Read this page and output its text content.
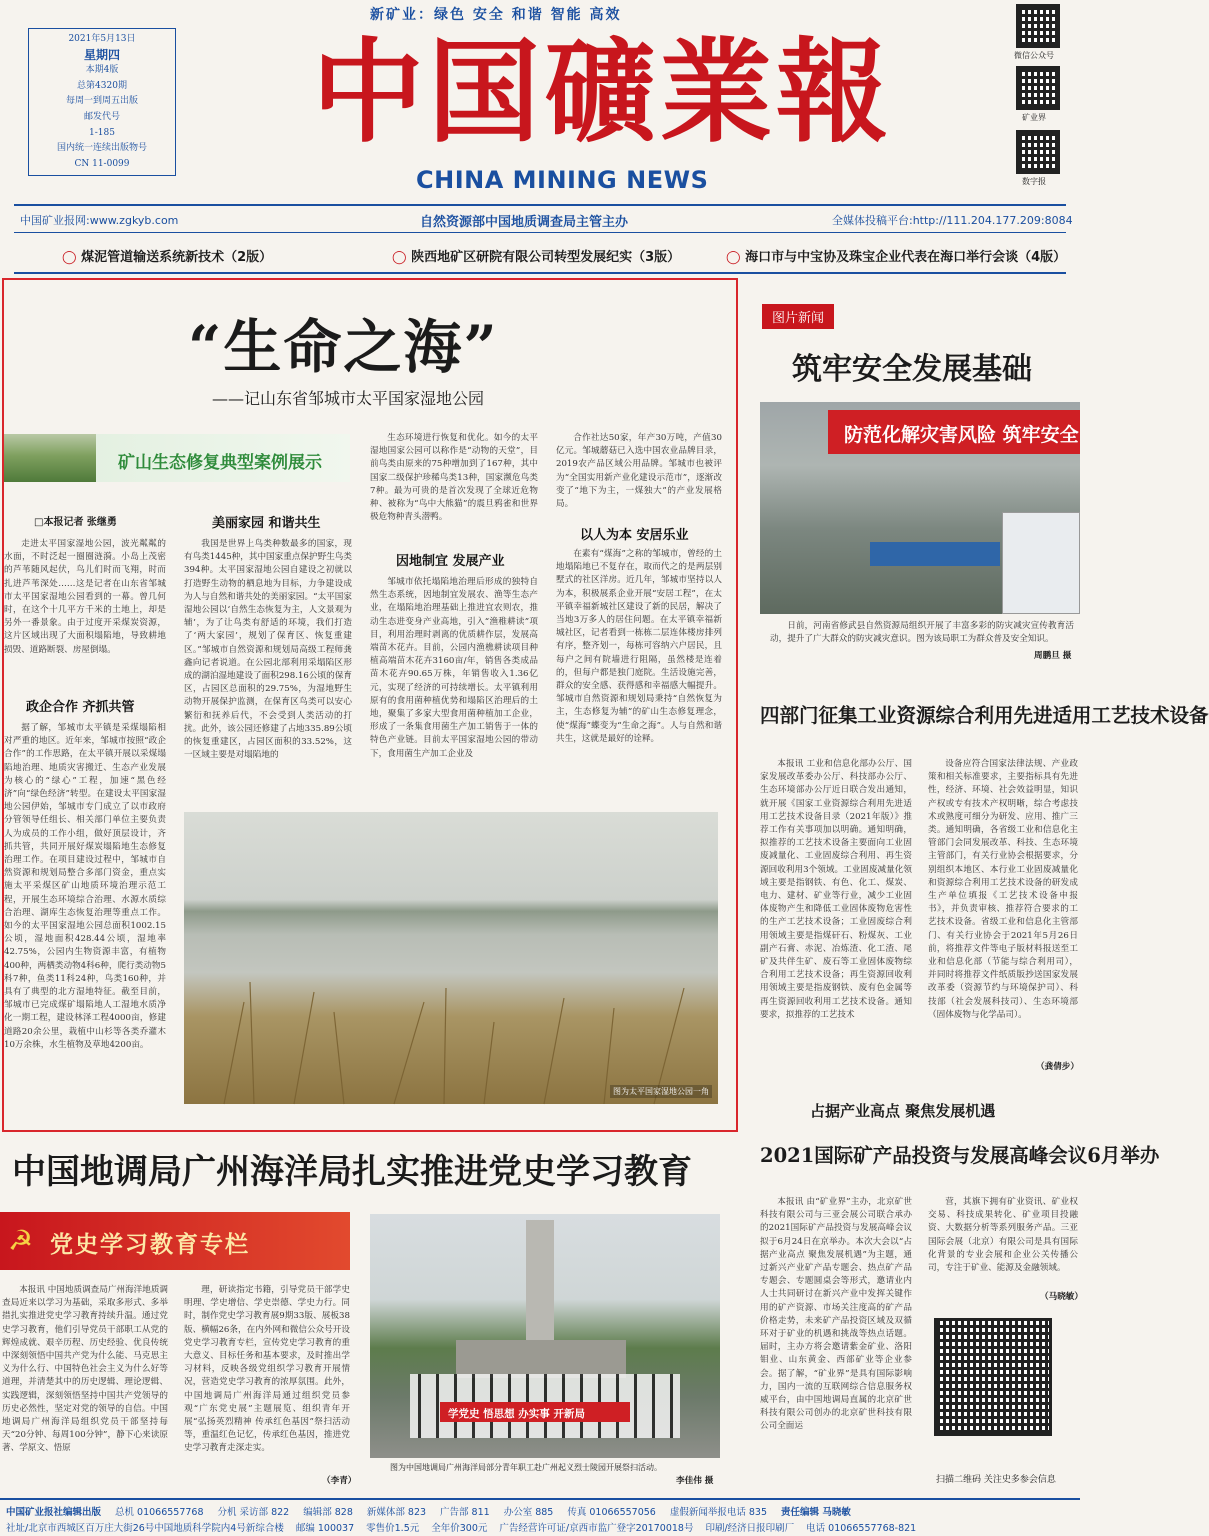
新矿业：绿色 安全 和谐 智能 高效
2021年5月13日
星期四
本期4版
总第4320期
每周一到周五出版
邮发代号
1-185
国内统一连续出版物号
CN 11-0099
中国礦業報
CHINA MINING NEWS
微信公众号
矿业界
数字报
中国矿业报网:www.zgkyb.com	自然资源部中国地质调查局主管主办	全媒体投稿平台:http://111.204.177.209:8084
◯ 煤泥管道输送系统新技术（2版）	◯ 陕西地矿区研院有限公司转型发展纪实（3版）	◯ 海口市与中宝协及珠宝企业代表在海口举行会谈（4版）
“生命之海”
——记山东省邹城市太平国家湿地公园
矿山生态修复典型案例展示
□本报记者 张继勇	美丽家园 和谐共生
政企合作 齐抓共管
因地制宜 发展产业
以人为本 安居乐业

走进太平国家湿地公园，波光粼粼的水面，不时泛起一圈圈涟漪。小岛上茂密的芦苇随风起伏，鸟儿们时而飞翔，时而扎进芦苇深处……这是记者在山东省邹城市太平国家湿地公园看到的一幕。曾几何时，在这个十几平方千米的土地上，却是另外一番景象。由于过度开采煤炭资源，这片区域出现了大面积塌陷地，导致耕地损毁、道路断裂、房屋倒塌。

据了解，邹城市太平镇是采煤塌陷相对严重的地区。近年来，邹城市按照“政企合作”的工作思路，在太平镇开展以采煤塌陷地治理、地质灾害搬迁、生态产业发展为核心的“绿心”工程，加速“黑色经济”向“绿色经济”转型。在建设太平国家湿地公园伊始，邹城市专门成立了以市政府分管领导任组长、相关部门单位主要负责人为成员的工作小组，做好顶层设计，齐抓共管，共同开展好煤炭塌陷地生态修复治理工作。在项目建设过程中，邹城市自然资源和规划局整合多部门资金，重点实施太平采煤区矿山地质环境治理示范工程，开展生态环境综合治理、水源水质综合治理、湖库生态恢复治理等重点工作。如今的太平国家湿地公园总面积1002.15公顷，湿地面积428.44公顷，湿地率42.75%，公园内生物资源丰富，有植物400种，两栖类动物4科6种，爬行类动物5科7种，鱼类11科24种，鸟类160种，并具有了典型的北方湿地特征。截至目前，邹城市已完成煤矿塌陷地人工湿地水质净化一期工程，建设林泽工程4000亩，修建道路20余公里，栽植中山杉等各类乔灌木10万余株，水生植物及草地4200亩。

我国是世界上鸟类种数最多的国家，现有鸟类1445种，其中国家重点保护野生鸟类394种。太平国家湿地公园自建设之初就以打造野生动物的栖息地为目标，力争建设成为人与自然和谐共处的美丽家园。“太平国家湿地公园以‘自然生态恢复为主，人文景观为辅’，为了让鸟类有舒适的环境，我们打造了‘两大家园’，规划了保育区、恢复重建区。”邹城市自然资源和规划局高级工程师龚鑫向记者说道。在公园北部利用采塌陷区形成的湖泊湿地建设了面积298.16公顷的保育区，占园区总面积的29.75%，为湿地野生动物开展保护监测，在保育区鸟类可以安心繁衍和抚养后代，不会受到人类活动的打扰。此外，该公园还修建了占地335.89公顷的恢复重建区，占园区面积的33.52%，这一区域主要是对塌陷地的

生态环境进行恢复和优化。如今的太平湿地国家公园可以称作是“动物的天堂”，目前鸟类由原来的75种增加到了167种，其中国家二级保护珍稀鸟类13种，国家濒危鸟类7种。最为可贵的是首次发现了全球近危物种、被称为“鸟中大熊猫”的震旦鸦雀和世界极危物种青头潜鸭。

邹城市依托塌陷地治理后形成的独特自然生态系统，因地制宜发展农、渔等生态产业，在塌陷地治理基础上推进宜农则农，推动生态进变身产业高地，引入“渔稚耕读”项目，利用治理时剥离的优质耕作层，发展高端苗木花卉。目前，公园内渔樵耕读项目种植高端苗木花卉3160亩/年，销售各类成品苗木花卉90.65万株，年销售收入1.36亿元，实现了经济的可持续增长。太平镇利用原有的食用菌种植优势和塌陷区治理后的土地，聚集了多家大型食用菌种植加工企业，形成了一条集食用菌生产加工销售于一体的特色产业链。目前太平国家湿地公园的带动下，食用菌生产加工企业及

合作社达50家，年产30万吨，产值30亿元。邹城蘑菇已入选中国农业品牌目录，2019农产品区域公用品牌。邹城市也被评为“全国实用新产业化建设示范市”，逐渐改变了“地下为主，一煤独大”的产业发展格局。

在素有“煤海”之称的邹城市，曾经的土地塌陷地已不复存在，取而代之的是两层别墅式的社区洋房。近几年，邹城市坚持以人为本，积极展系企业开展“安居工程”，在太平镇幸福新城社区建设了新的民居，解决了当地3万多人的居住问题。在太平镇幸福新城社区，记者看到一栋栋二层连体楼房排列有序，整齐划一，每栋可容纳六户居民，且每户之间有院墙进行阻隔，虽然楼是连着的，但每户都是独门庭院。生活设施完善，群众的安全感、获得感和幸福感大幅提升。邹城市自然资源和规划局秉持“自然恢复为主，生态修复为辅”的矿山生态修复理念，使“煤海”蝶变为“生命之海”。人与自然和谐共生，这就是最好的诠释。

图为太平国家湿地公园一角
图片新闻
筑牢安全发展基础
防范化解灾害风险 筑牢安全

日前，河南省修武县自然资源局组织开展了丰富多彩的防灾减灾宣传教育活动，提升了广大群众的防灾减灾意识。图为该局职工为群众普及安全知识。

周鹏旦 摄
四部门征集工业资源综合利用先进适用工艺技术设备

本报讯 工业和信息化部办公厅、国家发展改革委办公厅、科技部办公厅、生态环境部办公厅近日联合发出通知，就开展《国家工业资源综合利用先进适用工艺技术设备目录（2021年版）》推荐工作有关事项加以明确。通知明确，拟推荐的工艺技术设备主要面向工业固废减量化、工业固废综合利用、再生资源回收利用3个领域。工业固废减量化领域主要是指钢铁、有色、化工、煤炭、电力、建材、矿业等行业，减少工业固体废物产生和降低工业固体废物危害性的生产工艺技术设备；工业固废综合利用领域主要是指煤矸石、粉煤灰、工业副产石膏、赤泥、冶炼渣、化工渣、尾矿及共伴生矿、废石等工业固体废物综合利用工艺技术设备；再生资源回收利用领域主要是指废钢铁、废有色金属等再生资源回收利用工艺技术设备。通知要求，拟推荐的工艺技术

设备应符合国家法律法规、产业政策和相关标准要求，主要指标具有先进性，经济、环境、社会效益明显，知识产权或专有技术产权明晰，综合考虑技术或熟度可细分为研发、应用、推广三类。通知明确，各省级工业和信息化主管部门会同发展改革、科技、生态环境主管部门，有关行业协会根据要求，分别组织本地区、本行业工业固废减量化和资源综合利用工艺技术设备的研发成生产单位填报《工艺技术设备申报书》，并负责审核、推荐符合要求的工艺技术设备。省级工业和信息化主管部门、有关行业协会于2021年5月26日前，将推荐文件等电子版材料报送至工业和信息化部（节能与综合利用司），并同时将推荐文件纸质版抄送国家发展改革委（资源节约与环境保护司）、科技部（社会发展科技司）、生态环境部（固体废物与化学品司）。

（龚倩步）
占据产业高点 聚焦发展机遇
2021国际矿产品投资与发展高峰会议6月举办

本报讯 由“矿业界”主办，北京矿世科技有限公司与三亚会展公司联合承办的2021国际矿产品投资与发展高峰会议拟于6月24日在京举办。本次大会以“占据产业高点 聚焦发展机遇”为主题，通过新兴产业矿产品专题会、热点矿产品专题会、专题圆桌会等形式，邀请业内人士共同研讨在新兴产业中发挥关键作用的矿产资源、市场关注度高的矿产品价格走势，未来矿产品投资区域及双循环对于矿业的机遇和挑战等热点话题。届时，主办方将会邀请紫金矿业、洛阳钼业、山东黄金、西部矿业等企业参会。据了解，“矿业界”是具有国际影响力，国内一流的互联网综合信息服务权威平台，由中国地调局直属的北京矿世科技有限公司创办的北京矿世科技有限公司全面运

营，其旗下拥有矿业资讯、矿业权交易、科技成果转化、矿业项目投融资、大数据分析等系列服务产品。三亚国际会展（北京）有限公司是具有国际化背景的专业会展和企业公关传播公司，专注于矿业、能源及金融领域。

（马晓敏）
扫描二维码 关注史多参会信息
中国地调局广州海洋局扎实推进党史学习教育
☭ 党史学习教育专栏

本报讯 中国地质调查局广州海洋地质调查局近来以学习为基础，采取多形式、多举措扎实推进党史学习教育持续升温。通过党史学习教育，他们引导党员干部职工从党的辉煌成就、艰辛历程、历史经验、优良传统中深刻领悟中国共产党为什么能、马克思主义为什么行、中国特色社会主义为什么好等道理，并清楚其中的历史逻辑、理论逻辑、实践逻辑，深刻领悟坚持中国共产党领导的历史必然性，坚定对党的领导的自信。中国地调局广州海洋局组织党员干部坚持每天“20分钟、每周100分钟”，静下心来读原著、学原文、悟原

理，研读指定书籍，引导党员干部学史明理、学史增信、学史崇德、学史力行。同时，制作党史学习教育展9期33版、展板38版、横幅26条，在内外网和微信公众号开设党史学习教育专栏，宣传党史学习教育的重大意义、目标任务和基本要求，及时推出学习材料，反映各级党组织学习教育开展情况，营造党史学习教育的浓厚氛围。此外，中国地调局广州海洋局通过组织党员参观“广东党史展”主题展览、组织青年开展“弘扬英烈精神 传承红色基因”祭扫活动等，重温红色记忆，传承红色基因，推进党史学习教育走深走实。

（李青）
学党史 悟思想 办实事 开新局
图为中国地调局广州海洋局部分青年职工赴广州起义烈士陵园开展祭扫活动。
李佳伟 摄
中国矿业报社编辑出版 总机 01066557768 分机 采访部 822 编辑部 828 新媒体部 823 广告部 811 办公室 885 传真 01066557056 虚假新闻举报电话 835 责任编辑 马晓敏
社址/北京市西城区百万庄大街26号中国地质科学院内4号新综合楼 邮编 100037 零售价1.5元 全年价300元 广告经营许可证/京西市监广登字20170018号 印刷/经济日报印刷厂 电话 01066557768-821
